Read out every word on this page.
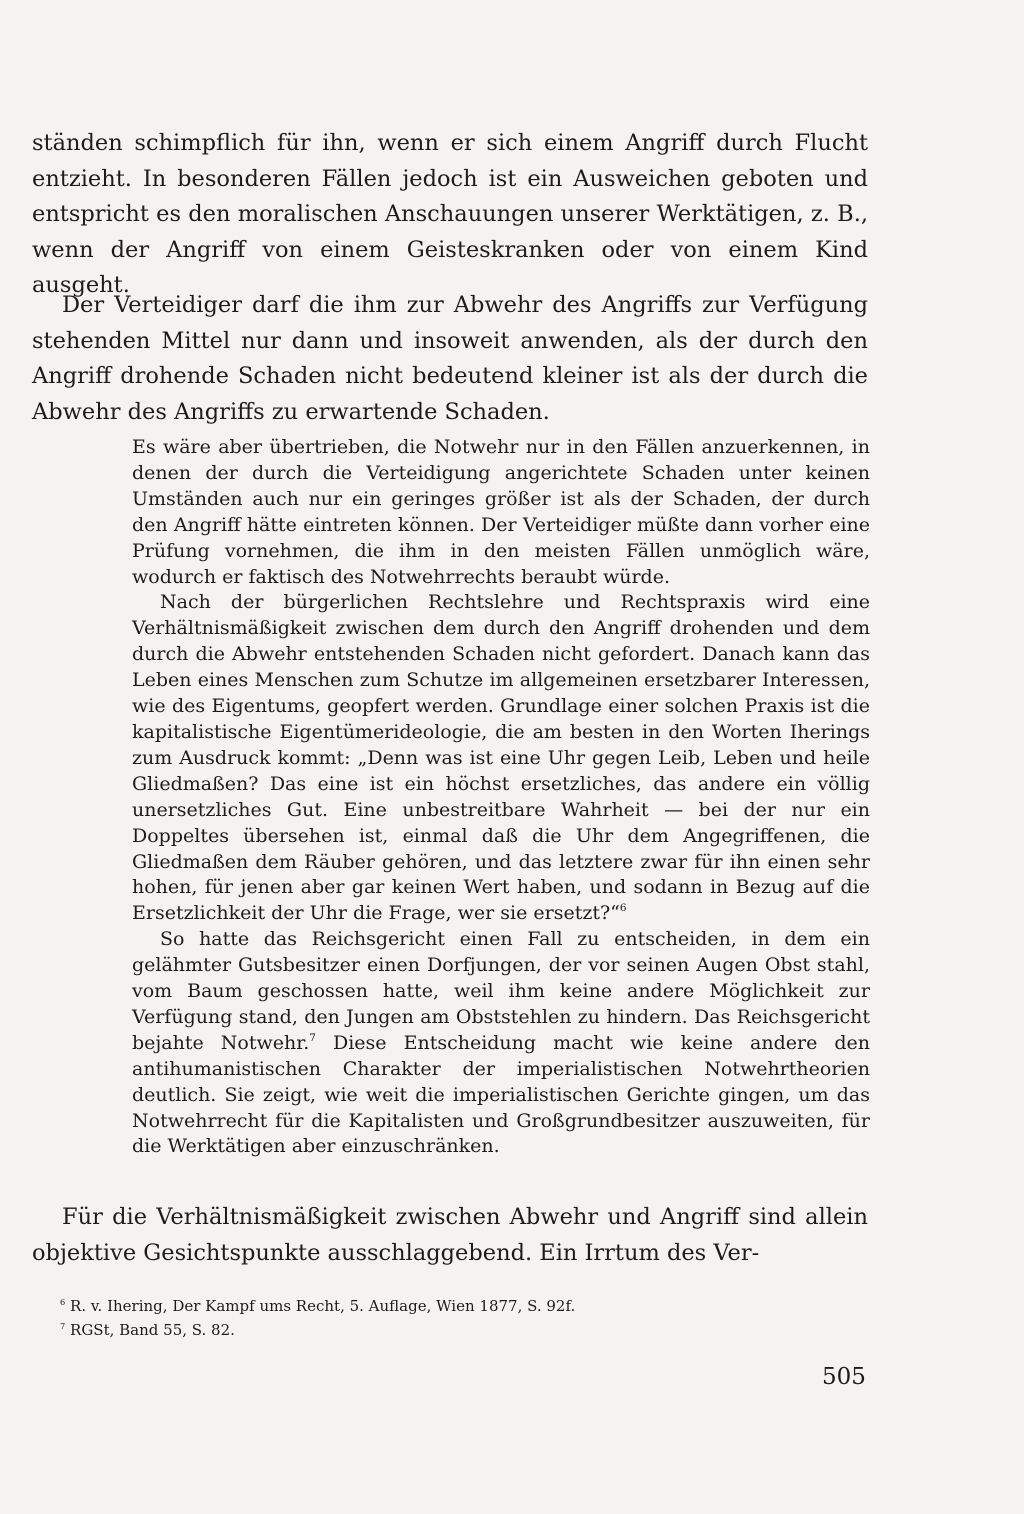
ständen schimpflich für ihn, wenn er sich einem Angriff durch Flucht entzieht. In besonderen Fällen jedoch ist ein Ausweichen geboten und entspricht es den moralischen Anschauungen unserer Werktätigen, z. B., wenn der Angriff von einem Geisteskranken oder von einem Kind ausgeht.

Der Verteidiger darf die ihm zur Abwehr des Angriffs zur Verfügung stehenden Mittel nur dann und insoweit anwenden, als der durch den Angriff drohende Schaden nicht bedeutend kleiner ist als der durch die Abwehr des Angriffs zu erwartende Schaden.

Es wäre aber übertrieben, die Notwehr nur in den Fällen anzuerkennen, in denen der durch die Verteidigung angerichtete Schaden unter keinen Umständen auch nur ein geringes größer ist als der Schaden, der durch den Angriff hätte eintreten können. Der Verteidiger müßte dann vorher eine Prüfung vornehmen, die ihm in den meisten Fällen unmöglich wäre, wodurch er faktisch des Notwehrrechts beraubt würde.

Nach der bürgerlichen Rechtslehre und Rechtspraxis wird eine Verhältnismäßigkeit zwischen dem durch den Angriff drohenden und dem durch die Abwehr entstehenden Schaden nicht gefordert. Danach kann das Leben eines Menschen zum Schutze im allgemeinen ersetzbarer Interessen, wie des Eigentums, geopfert werden. Grundlage einer solchen Praxis ist die kapitalistische Eigentümerideologie, die am besten in den Worten Iherings zum Ausdruck kommt: „Denn was ist eine Uhr gegen Leib, Leben und heile Gliedmaßen? Das eine ist ein höchst ersetzliches, das andere ein völlig unersetzliches Gut. Eine unbestreitbare Wahrheit — bei der nur ein Doppeltes übersehen ist, einmal daß die Uhr dem Angegriffenen, die Gliedmaßen dem Räuber gehören, und das letztere zwar für ihn einen sehr hohen, für jenen aber gar keinen Wert haben, und sodann in Bezug auf die Ersetzlichkeit der Uhr die Frage, wer sie ersetzt?“$^6$

So hatte das Reichsgericht einen Fall zu entscheiden, in dem ein gelähmter Gutsbesitzer einen Dorfjungen, der vor seinen Augen Obst stahl, vom Baum geschossen hatte, weil ihm keine andere Möglichkeit zur Verfügung stand, den Jungen am Obststehlen zu hindern. Das Reichsgericht bejahte Notwehr.$^7$ Diese Entscheidung macht wie keine andere den antihumanistischen Charakter der imperialistischen Notwehrtheorien deutlich. Sie zeigt, wie weit die imperialistischen Gerichte gingen, um das Notwehrrecht für die Kapitalisten und Großgrundbesitzer auszuweiten, für die Werktätigen aber einzuschränken.

Für die Verhältnismäßigkeit zwischen Abwehr und Angriff sind allein objektive Gesichtspunkte ausschlaggebend. Ein Irrtum des Ver-

$^6$ R. v. Ihering, Der Kampf ums Recht, 5. Auflage, Wien 1877, S. 92f.

$^7$ RGSt, Band 55, S. 82.

505
